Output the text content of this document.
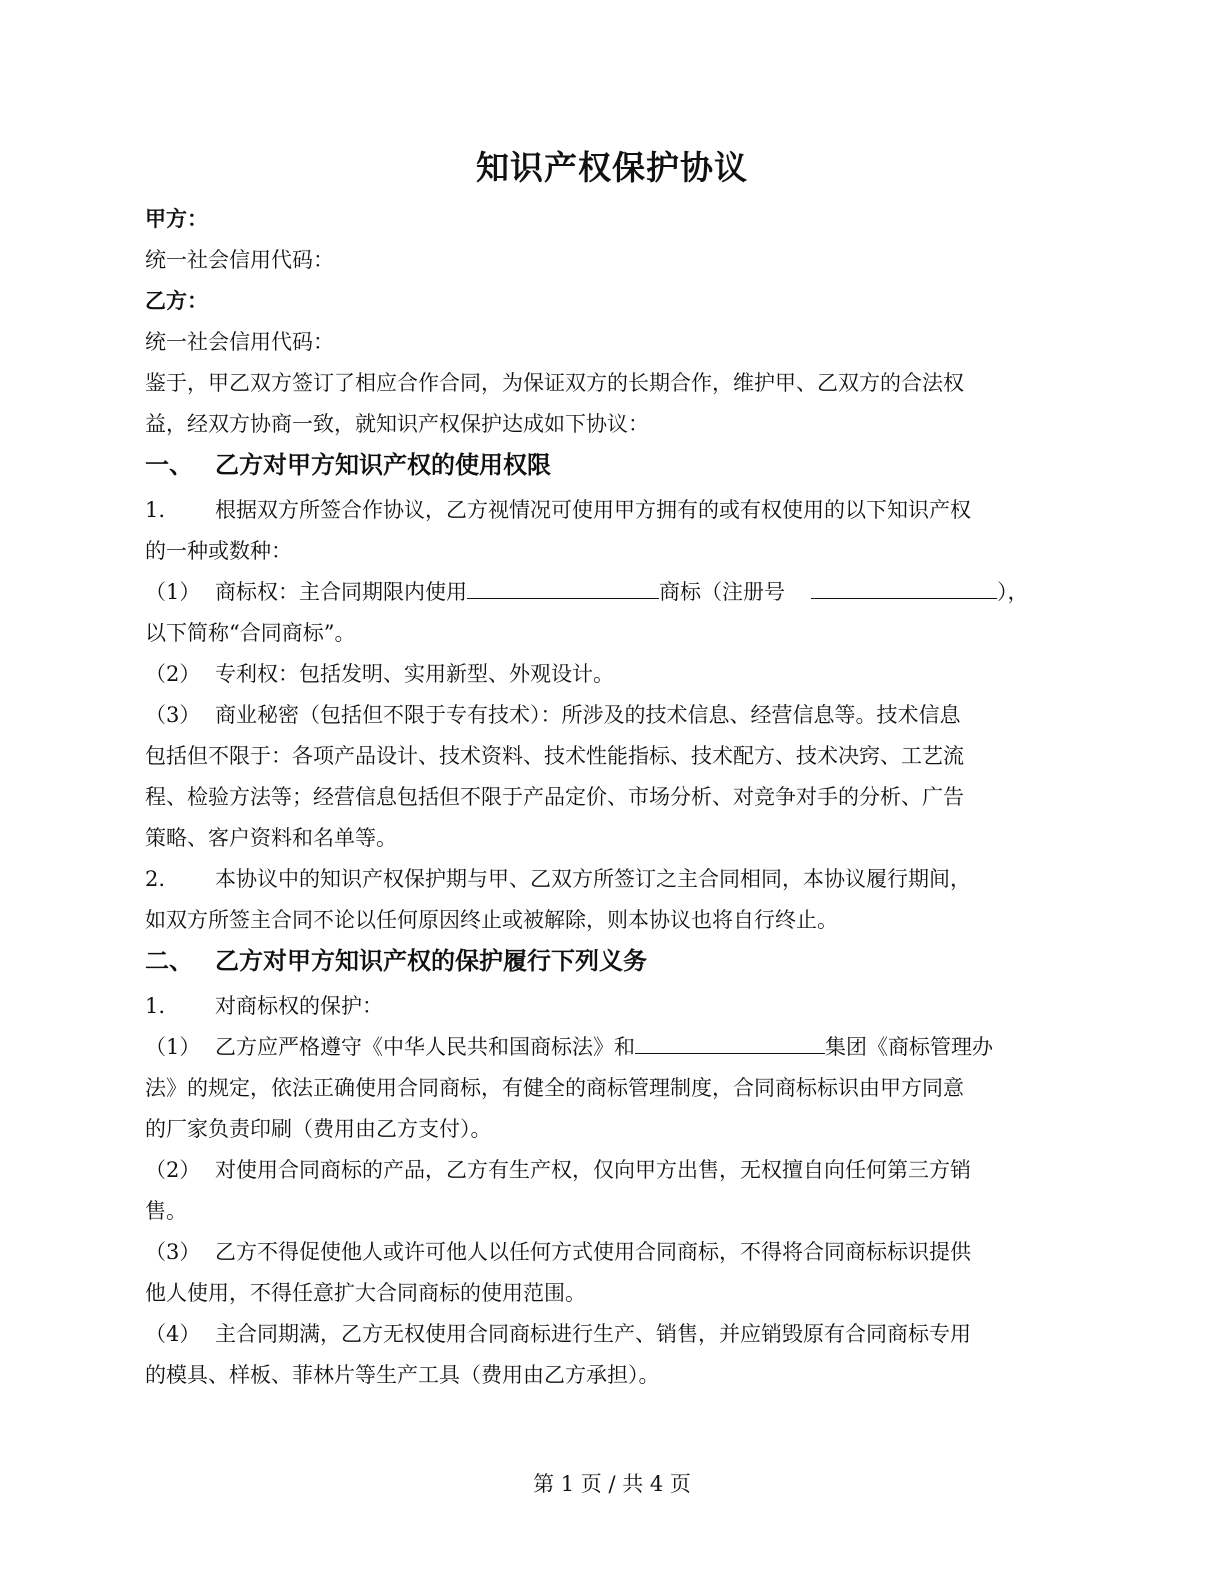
知识产权保护协议
甲方：
统一社会信用代码：
乙方：
统一社会信用代码：
鉴于，甲乙双方签订了相应合作合同，为保证双方的长期合作，维护甲、乙双方的合法权
益，经双方协商一致，就知识产权保护达成如下协议：
一、 乙方对甲方知识产权的使用权限
1. 根据双方所签合作协议，乙方视情况可使用甲方拥有的或有权使用的以下知识产权
的一种或数种：
（1） 商标权：主合同期限内使用	商标（注册号	），
以下简称“合同商标”。
（2） 专利权：包括发明、实用新型、外观设计。
（3） 商业秘密（包括但不限于专有技术）：所涉及的技术信息、经营信息等。技术信息
包括但不限于：各项产品设计、技术资料、技术性能指标、技术配方、技术决窍、工艺流
程、检验方法等；经营信息包括但不限于产品定价、市场分析、对竞争对手的分析、广告
策略、客户资料和名单等。
2. 本协议中的知识产权保护期与甲、乙双方所签订之主合同相同，本协议履行期间，
如双方所签主合同不论以任何原因终止或被解除，则本协议也将自行终止。
二、 乙方对甲方知识产权的保护履行下列义务
1. 对商标权的保护：
（1） 乙方应严格遵守《中华人民共和国商标法》和	集团《商标管理办
法》的规定，依法正确使用合同商标，有健全的商标管理制度，合同商标标识由甲方同意
的厂家负责印刷（费用由乙方支付）。
（2） 对使用合同商标的产品，乙方有生产权，仅向甲方出售，无权擅自向任何第三方销
售。
（3） 乙方不得促使他人或许可他人以任何方式使用合同商标，不得将合同商标标识提供
他人使用，不得任意扩大合同商标的使用范围。
（4） 主合同期满，乙方无权使用合同商标进行生产、销售，并应销毁原有合同商标专用
的模具、样板、菲林片等生产工具（费用由乙方承担）。
第 1 页 / 共 4 页
